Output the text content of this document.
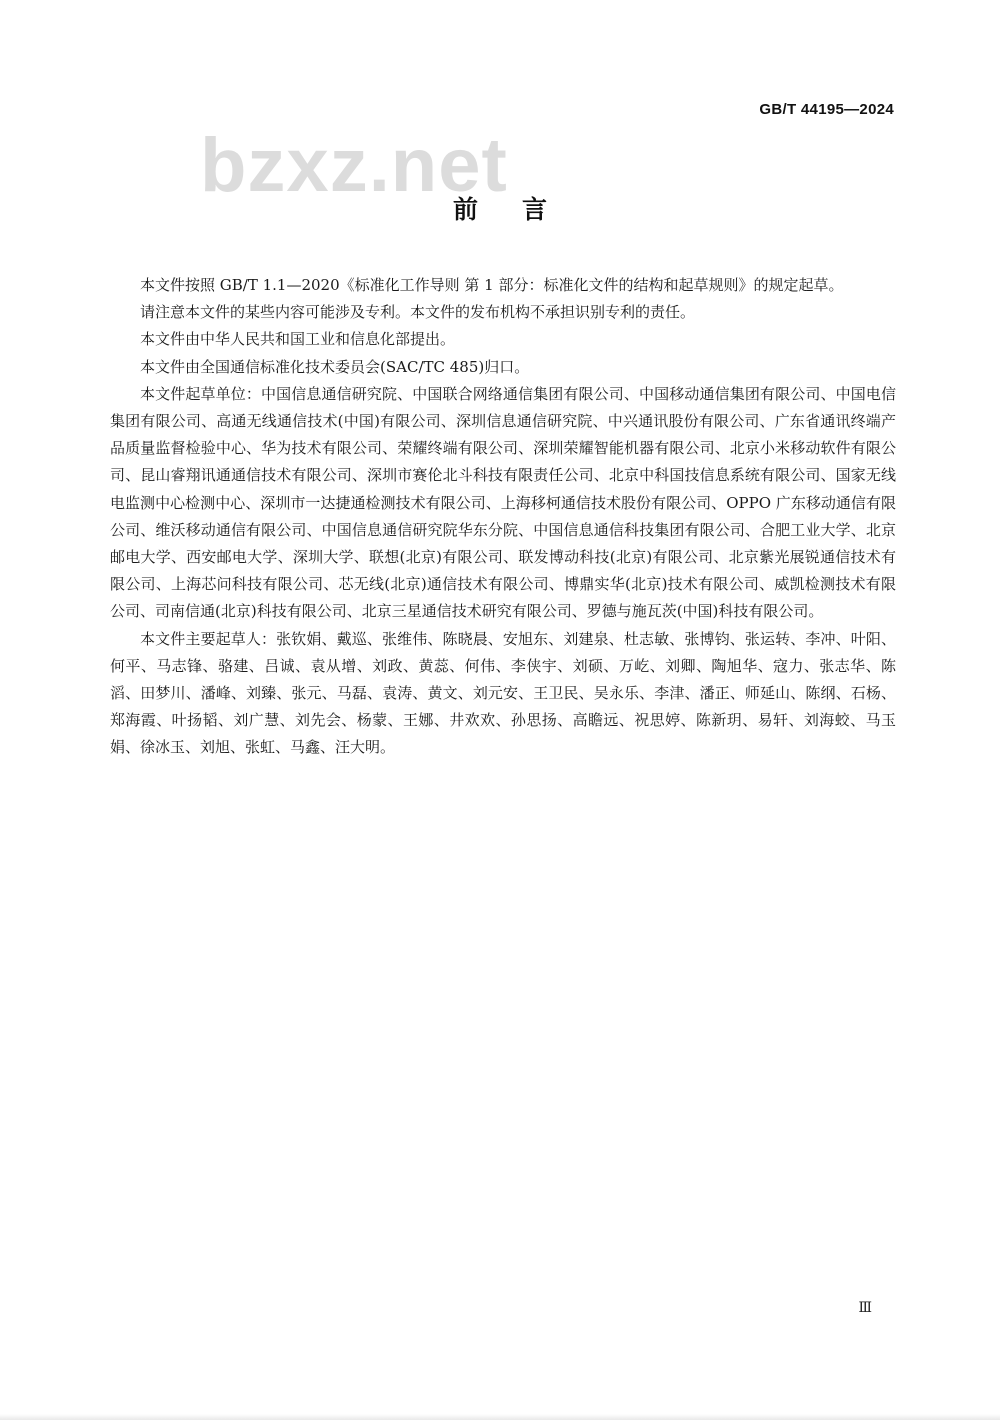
bzxz.net
GB/T 44195—2024
前言

本文件按照 GB/T 1.1—2020《标准化工作导则 第 1 部分：标准化文件的结构和起草规则》的规定起草。

请注意本文件的某些内容可能涉及专利。本文件的发布机构不承担识别专利的责任。

本文件由中华人民共和国工业和信息化部提出。

本文件由全国通信标准化技术委员会(SAC/TC 485)归口。

本文件起草单位：中国信息通信研究院、中国联合网络通信集团有限公司、中国移动通信集团有限公司、中国电信集团有限公司、高通无线通信技术(中国)有限公司、深圳信息通信研究院、中兴通讯股份有限公司、广东省通讯终端产品质量监督检验中心、华为技术有限公司、荣耀终端有限公司、深圳荣耀智能机器有限公司、北京小米移动软件有限公司、昆山睿翔讯通通信技术有限公司、深圳市赛伦北斗科技有限责任公司、北京中科国技信息系统有限公司、国家无线电监测中心检测中心、深圳市一达捷通检测技术有限公司、上海移柯通信技术股份有限公司、OPPO 广东移动通信有限公司、维沃移动通信有限公司、中国信息通信研究院华东分院、中国信息通信科技集团有限公司、合肥工业大学、北京邮电大学、西安邮电大学、深圳大学、联想(北京)有限公司、联发博动科技(北京)有限公司、北京紫光展锐通信技术有限公司、上海芯问科技有限公司、芯无线(北京)通信技术有限公司、博鼎实华(北京)技术有限公司、威凯检测技术有限公司、司南信通(北京)科技有限公司、北京三星通信技术研究有限公司、罗德与施瓦茨(中国)科技有限公司。

本文件主要起草人：张钦娟、戴巡、张维伟、陈晓晨、安旭东、刘建泉、杜志敏、张博钧、张运转、李冲、叶阳、何平、马志锋、骆建、吕诚、袁从增、刘政、黄蕊、何伟、李侠宇、刘硕、万屹、刘卿、陶旭华、寇力、张志华、陈滔、田梦川、潘峰、刘臻、张元、马磊、袁涛、黄文、刘元安、王卫民、吴永乐、李津、潘正、师延山、陈纲、石杨、郑海霞、叶扬韬、刘广慧、刘先会、杨蒙、王娜、井欢欢、孙思扬、高瞻远、祝思婷、陈新玥、易轩、刘海蛟、马玉娟、徐冰玉、刘旭、张虹、马鑫、汪大明。

Ⅲ
